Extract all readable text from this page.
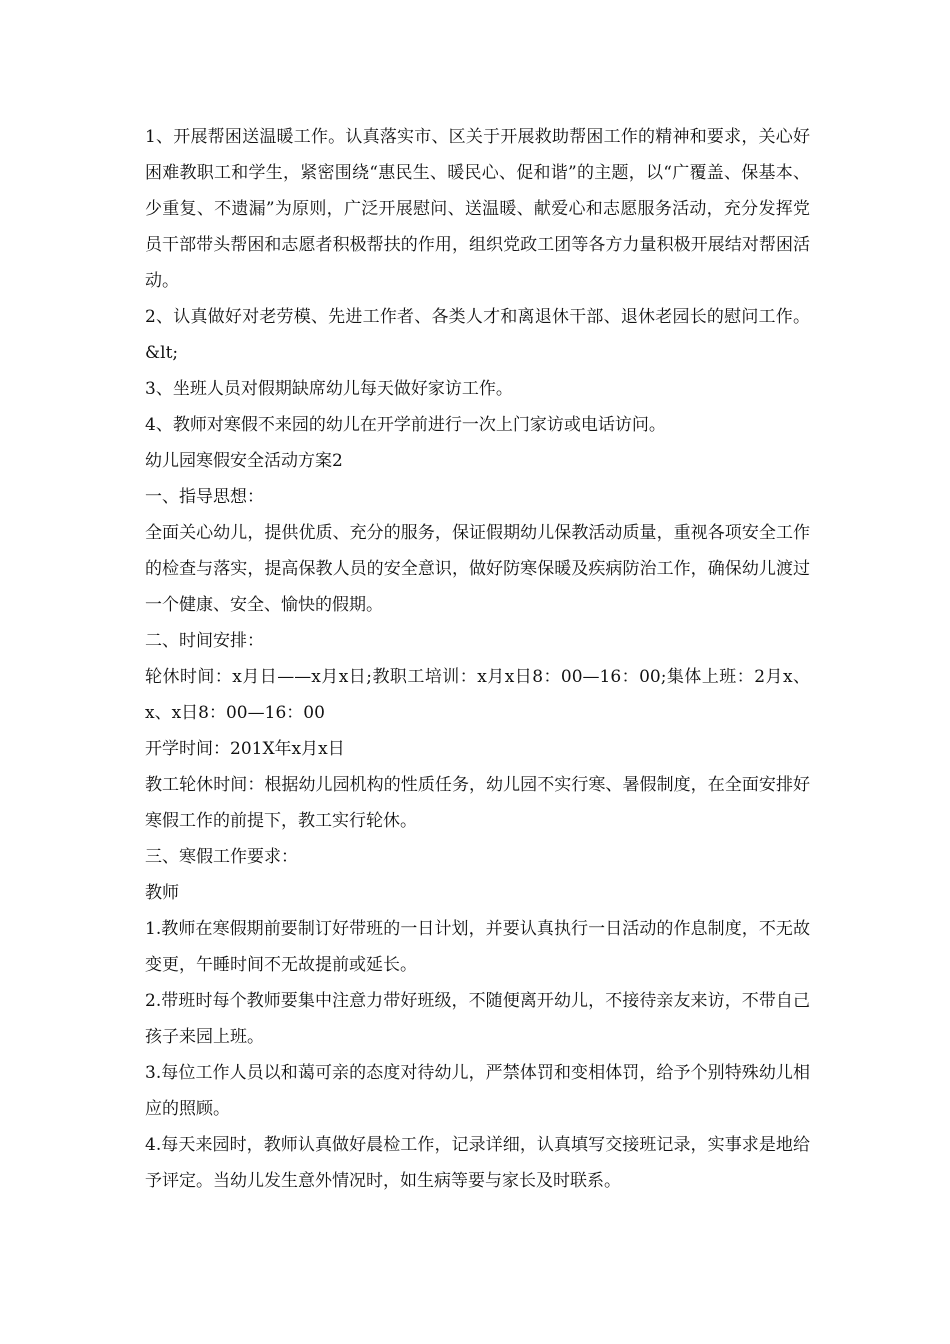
1、开展帮困送温暖工作。认真落实市、区关于开展救助帮困工作的精神和要求，关心好困难教职工和学生，紧密围绕“惠民生、暖民心、促和谐”的主题，以“广覆盖、保基本、少重复、不遗漏”为原则，广泛开展慰问、送温暖、献爱心和志愿服务活动，充分发挥党员干部带头帮困和志愿者积极帮扶的作用，组织党政工团等各方力量积极开展结对帮困活动。

2、认真做好对老劳模、先进工作者、各类人才和离退休干部、退休老园长的慰问工作。&lt;

3、坐班人员对假期缺席幼儿每天做好家访工作。

4、教师对寒假不来园的幼儿在开学前进行一次上门家访或电话访问。

幼儿园寒假安全活动方案2

一、指导思想：

全面关心幼儿，提供优质、充分的服务，保证假期幼儿保教活动质量，重视各项安全工作的检查与落实，提高保教人员的安全意识，做好防寒保暖及疾病防治工作，确保幼儿渡过一个健康、安全、愉快的假期。

二、时间安排：

轮休时间：x月日——x月x日;教职工培训：x月x日8：00—16：00;集体上班：2月x、x、x日8：00—16：00

开学时间：201X年x月x日

教工轮休时间：根据幼儿园机构的性质任务，幼儿园不实行寒、暑假制度，在全面安排好寒假工作的前提下，教工实行轮休。

三、寒假工作要求：

教师

1.教师在寒假期前要制订好带班的一日计划，并要认真执行一日活动的作息制度，不无故变更，午睡时间不无故提前或延长。

2.带班时每个教师要集中注意力带好班级，不随便离开幼儿，不接待亲友来访，不带自己孩子来园上班。

3.每位工作人员以和蔼可亲的态度对待幼儿，严禁体罚和变相体罚，给予个别特殊幼儿相应的照顾。

4.每天来园时，教师认真做好晨检工作，记录详细，认真填写交接班记录，实事求是地给予评定。当幼儿发生意外情况时，如生病等要与家长及时联系。
